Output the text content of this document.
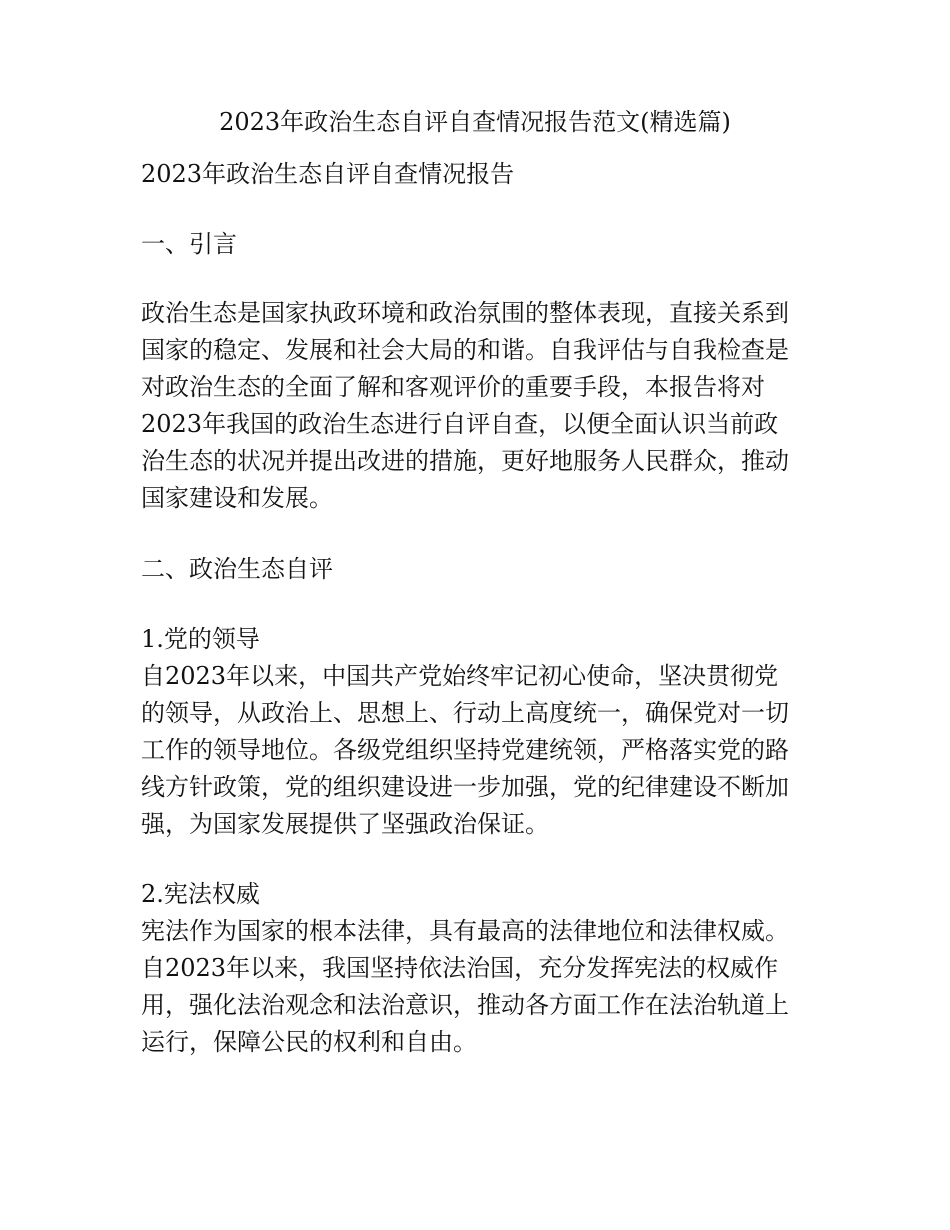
2023年政治生态自评自查情况报告范文(精选篇)
2023年政治生态自评自查情况报告
一、引言
政治生态是国家执政环境和政治氛围的整体表现，直接关系到
国家的稳定、发展和社会大局的和谐。自我评估与自我检查是
对政治生态的全面了解和客观评价的重要手段，本报告将对
2023年我国的政治生态进行自评自查，以便全面认识当前政
治生态的状况并提出改进的措施，更好地服务人民群众，推动
国家建设和发展。
二、政治生态自评
1.党的领导
自2023年以来，中国共产党始终牢记初心使命，坚决贯彻党
的领导，从政治上、思想上、行动上高度统一，确保党对一切
工作的领导地位。各级党组织坚持党建统领，严格落实党的路
线方针政策，党的组织建设进一步加强，党的纪律建设不断加
强，为国家发展提供了坚强政治保证。
2.宪法权威
宪法作为国家的根本法律，具有最高的法律地位和法律权威。
自2023年以来，我国坚持依法治国，充分发挥宪法的权威作
用，强化法治观念和法治意识，推动各方面工作在法治轨道上
运行，保障公民的权利和自由。
